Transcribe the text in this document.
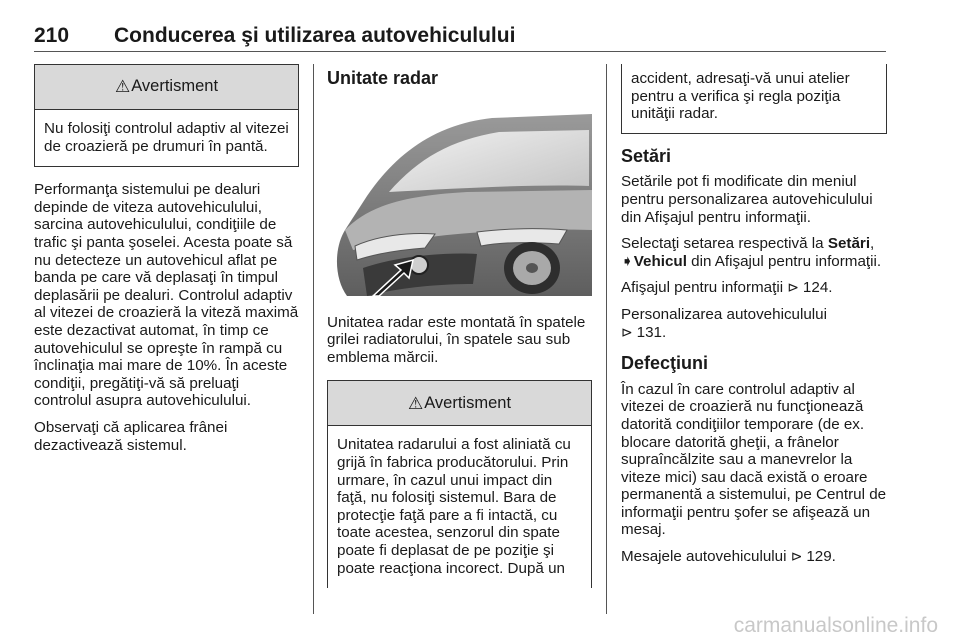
210 Conducerea şi utilizarea autovehiculului
⚠ Avertisment
Nu folosiţi controlul adaptiv al vitezei de croazieră pe drumuri în pantă.

Performanţa sistemului pe dealuri depinde de viteza autovehiculului, sarcina autovehiculului, condiţiile de trafic şi panta şoselei. Acesta poate să nu detecteze un autovehicul aflat pe banda pe care vă deplasaţi în timpul deplasării pe dealuri. Controlul adaptiv al vitezei de croazieră la viteză maximă este dezactivat automat, în timp ce autovehiculul se opreşte în rampă cu înclinaţia mai mare de 10%. În aceste condiţii, pregătiţi-vă să preluaţi controlul asupra autovehiculului.

Observaţi că aplicarea frânei dezactivează sistemul.

Unitate radar

Unitatea radar este montată în spatele grilei radiatorului, în spatele sau sub emblema mărcii.

⚠ Avertisment
Unitatea radarului a fost aliniată cu grijă în fabrica producătorului. Prin urmare, în cazul unui impact din faţă, nu folosiţi sistemul. Bara de protecţie faţă pare a fi intactă, cu toate acestea, senzorul din spate poate fi deplasat de pe poziţie şi poate reacţiona incorect. După un
accident, adresaţi-vă unui atelier pentru a verifica şi regla poziţia unităţii radar.
Setări

Setările pot fi modificate din meniul pentru personalizarea autovehiculului din Afişajul pentru informaţii.

Selectaţi setarea respectivă la Setări, ➧Vehicul din Afişajul pentru informaţii.

Afişajul pentru informaţii ⊳ 124.

Personalizarea autovehiculului
⊳ 131.

Defecţiuni

În cazul în care controlul adaptiv al vitezei de croazieră nu funcţionează datorită condiţiilor temporare (de ex. blocare datorită gheţii, a frânelor supraîncălzite sau a manevrelor la viteze mici) sau dacă există o eroare permanentă a sistemului, pe Centrul de informaţii pentru şofer se afişează un mesaj.

Mesajele autovehiculului ⊳ 129.

carmanualsonline.info
